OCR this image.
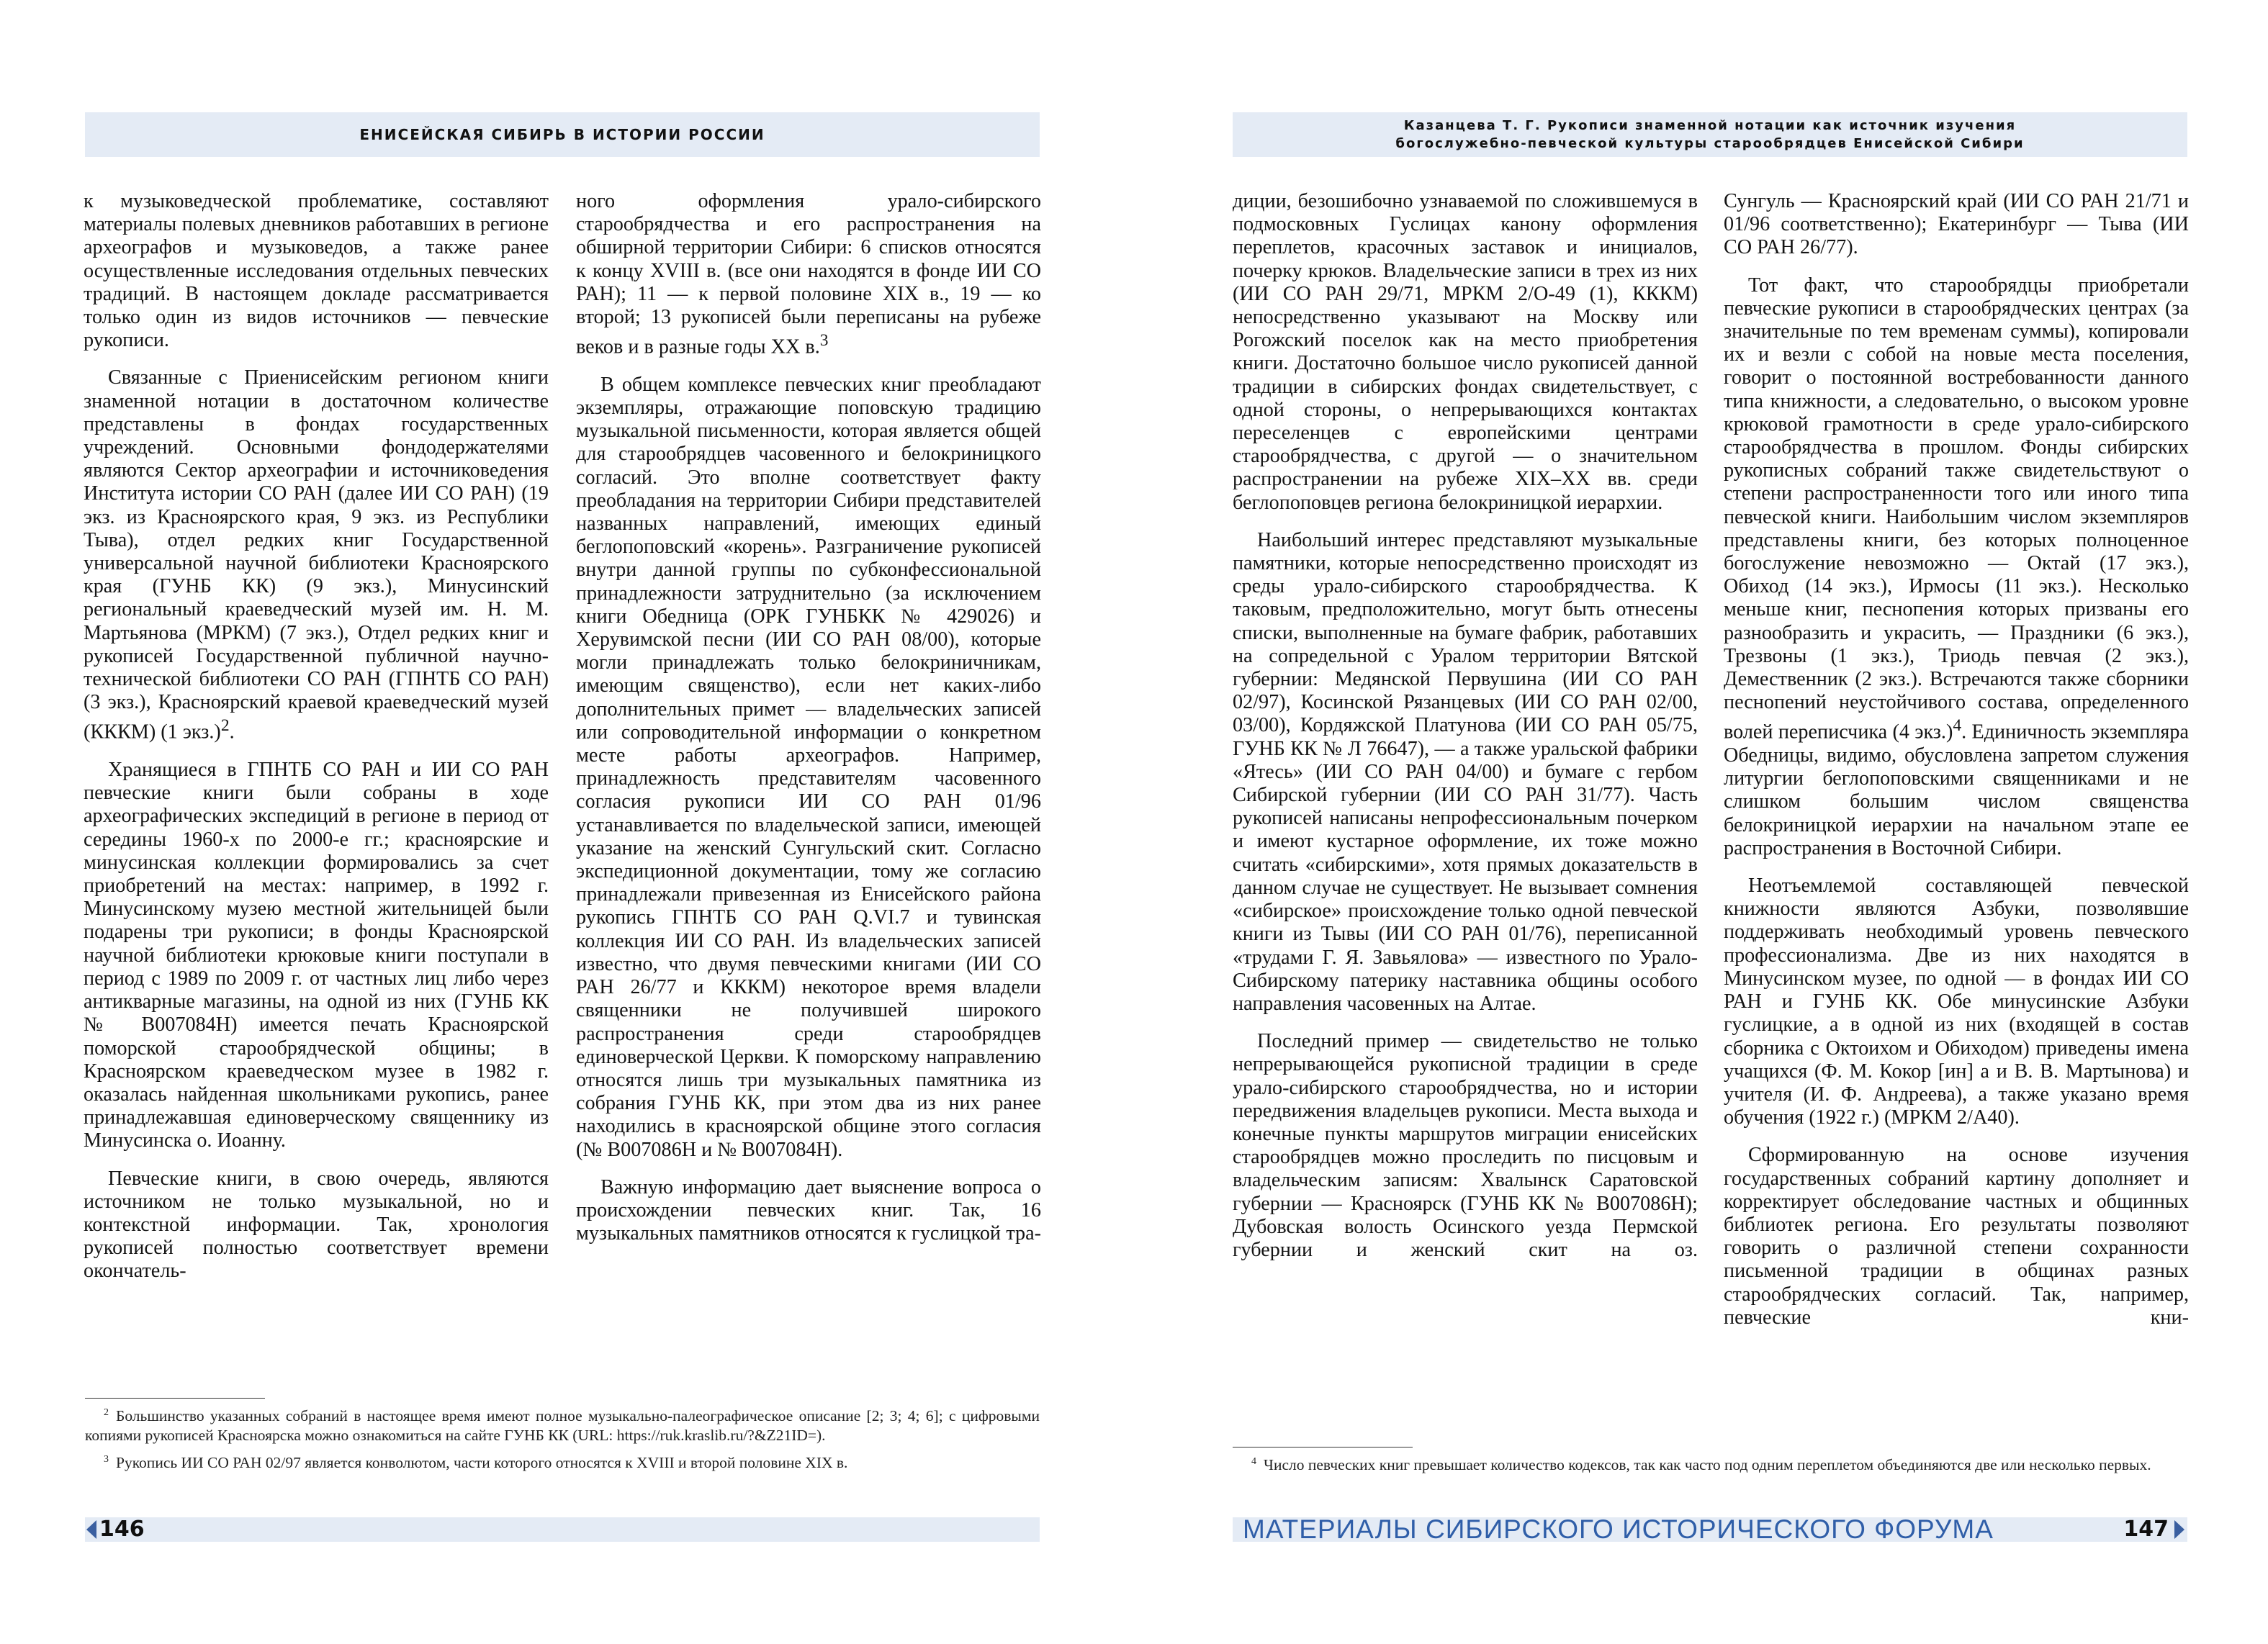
ЕНИСЕЙСКАЯ СИБИРЬ В ИСТОРИИ РОССИИ

к музыковедческой проблематике, составляют материалы полевых дневников работавших в регионе археографов и музыковедов, а также ранее осуществленные исследования отдельных певческих традиций. В настоящем докладе рассматривается только один из видов источников — певческие рукописи.

Связанные с Приенисейским регионом книги знаменной нотации в достаточном количестве представлены в фондах государственных учреждений. Основными фондодержателями являются Сектор археографии и источниковедения Института истории СО РАН (далее ИИ СО РАН) (19 экз. из Красноярского края, 9 экз. из Республики Тыва), отдел редких книг Государственной универсальной научной библиотеки Красноярского края (ГУНБ КК) (9 экз.), Минусинский региональный краеведческий музей им. Н. М. Мартьянова (МРКМ) (7 экз.), Отдел редких книг и рукописей Государственной публичной научно-технической библиотеки СО РАН (ГПНТБ СО РАН) (3 экз.), Красноярский краевой краеведческий музей (КККМ) (1 экз.)$^2$.

Хранящиеся в ГПНТБ СО РАН и ИИ СО РАН певческие книги были собраны в ходе археографических экспедиций в регионе в период от середины 1960-х по 2000-е гг.; красноярские и минусинская коллекции формировались за счет приобретений на местах: например, в 1992 г. Минусинскому музею местной жительницей были подарены три рукописи; в фонды Красноярской научной библиотеки крюковые книги поступали в период с 1989 по 2009 г. от частных лиц либо через антикварные магазины, на одной из них (ГУНБ КК № В007084Н) имеется печать Красноярской поморской старообрядческой общины; в Красноярском краеведческом музее в 1982 г. оказалась найденная школьниками рукопись, ранее принадлежавшая единоверческому священнику из Минусинска о. Иоанну.

Певческие книги, в свою очередь, являются источником не только музыкальной, но и контекстной информации. Так, хронология рукописей полностью соответствует времени окончатель-

ного оформления урало-сибирского старообрядчества и его распространения на обширной территории Сибири: 6 списков относятся к концу XVIII в. (все они находятся в фонде ИИ СО РАН); 11 — к первой половине XIX в., 19 — ко второй; 13 рукописей были переписаны на рубеже веков и в разные годы XX в.$^3$

В общем комплексе певческих книг преобладают экземпляры, отражающие поповскую традицию музыкальной письменности, которая является общей для старообрядцев часовенного и белокриницкого согласий. Это вполне соответствует факту преобладания на территории Сибири представителей названных направлений, имеющих единый беглопоповский «корень». Разграничение рукописей внутри данной группы по субконфессиональной принадлежности затруднительно (за исключением книги Обедница (ОРК ГУНБКК № 429026) и Херувимской песни (ИИ СО РАН 08/00), которые могли принадлежать только белокриничникам, имеющим священство), если нет каких-либо дополнительных примет — владельческих записей или сопроводительной информации о конкретном месте работы археографов. Например, принадлежность представителям часовенного согласия рукописи ИИ СО РАН 01/96 устанавливается по владельческой записи, имеющей указание на женский Сунгульский скит. Согласно экспедиционной документации, тому же согласию принадлежали привезенная из Енисейского района рукопись ГПНТБ СО РАН Q.VI.7 и тувинская коллекция ИИ СО РАН. Из владельческих записей известно, что двумя певческими книгами (ИИ СО РАН 26/77 и КККМ) некоторое время владели священники не получившей широкого распространения среди старообрядцев единоверческой Церкви. К поморскому направлению относятся лишь три музыкальных памятника из собрания ГУНБ КК, при этом два из них ранее находились в красноярской общине этого согласия (№ В007086Н и № В007084Н).

Важную информацию дает выяснение вопроса о происхождении певческих книг. Так, 16 музыкальных памятников относятся к гуслицкой тра-

$^2$ Большинство указанных собраний в настоящее время имеют полное музыкально-палеографическое описание [2; 3; 4; 6]; с цифровыми копиями рукописей Красноярска можно ознакомиться на сайте ГУНБ КК (URL: https://ruk.kraslib.ru/?&Z21ID=).

$^3$ Рукопись ИИ СО РАН 02/97 является конволютом, части которого относятся к XVIII и второй половине XIX в.

146
Казанцева Т. Г. Рукописи знаменной нотации как источник изучения
богослужебно-певческой культуры старообрядцев Енисейской Сибири

диции, безошибочно узнаваемой по сложившемуся в подмосковных Гуслицах канону оформления переплетов, красочных заставок и инициалов, почерку крюков. Владельческие записи в трех из них (ИИ СО РАН 29/71, МРКМ 2/О-49 (1), КККМ) непосредственно указывают на Москву или Рогожский поселок как на место приобретения книги. Достаточно большое число рукописей данной традиции в сибирских фондах свидетельствует, с одной стороны, о непрерывающихся контактах переселенцев с европейскими центрами старообрядчества, с другой — о значительном распространении на рубеже XIX–XX вв. среди беглопоповцев региона белокриницкой иерархии.

Наибольший интерес представляют музыкальные памятники, которые непосредственно происходят из среды урало-сибирского старообрядчества. К таковым, предположительно, могут быть отнесены списки, выполненные на бумаге фабрик, работавших на сопредельной с Уралом территории Вятской губернии: Медянской Первушина (ИИ СО РАН 02/97), Косинской Рязанцевых (ИИ СО РАН 02/00, 03/00), Кордяжской Платунова (ИИ СО РАН 05/75, ГУНБ КК № Л 76647), — а также уральской фабрики «Ятесь» (ИИ СО РАН 04/00) и бумаге с гербом Сибирской губернии (ИИ СО РАН 31/77). Часть рукописей написаны непрофессиональным почерком и имеют кустарное оформление, их тоже можно считать «сибирскими», хотя прямых доказательств в данном случае не существует. Не вызывает сомнения «сибирское» происхождение только одной певческой книги из Тывы (ИИ СО РАН 01/76), переписанной «трудами Г. Я. Завьялова» — известного по Урало-Сибирскому патерику наставника общины особого направления часовенных на Алтае.

Последний пример — свидетельство не только непрерывающейся рукописной традиции в среде урало-сибирского старообрядчества, но и истории передвижения владельцев рукописи. Места выхода и конечные пункты маршрутов миграции енисейских старообрядцев можно проследить по писцовым и владельческим записям: Хвалынск Саратовской губернии — Красноярск (ГУНБ КК № В007086Н); Дубовская волость Осинского уезда Пермской губернии и женский скит на оз.

Сунгуль — Красноярский край (ИИ СО РАН 21/71 и 01/96 соответственно); Екатеринбург — Тыва (ИИ СО РАН 26/77).

Тот факт, что старообрядцы приобретали певческие рукописи в старообрядческих центрах (за значительные по тем временам суммы), копировали их и везли с собой на новые места поселения, говорит о постоянной востребованности данного типа книжности, а следовательно, о высоком уровне крюковой грамотности в среде урало-сибирского старообрядчества в прошлом. Фонды сибирских рукописных собраний также свидетельствуют о степени распространенности того или иного типа певческой книги. Наибольшим числом экземпляров представлены книги, без которых полноценное богослужение невозможно — Октай (17 экз.), Обиход (14 экз.), Ирмосы (11 экз.). Несколько меньше книг, песнопения которых призваны его разнообразить и украсить, — Праздники (6 экз.), Трезвоны (1 экз.), Триодь певчая (2 экз.), Демественник (2 экз.). Встречаются также сборники песнопений неустойчивого состава, определенного волей переписчика (4 экз.)$^4$. Единичность экземпляра Обедницы, видимо, обусловлена запретом служения литургии беглопоповскими священниками и не слишком большим числом священства белокриницкой иерархии на начальном этапе ее распространения в Восточной Сибири.

Неотъемлемой составляющей певческой книжности являются Азбуки, позволявшие поддерживать необходимый уровень певческого профессионализма. Две из них находятся в Минусинском музее, по одной — в фондах ИИ СО РАН и ГУНБ КК. Обе минусинские Азбуки гуслицкие, а в одной из них (входящей в состав сборника с Октоихом и Обиходом) приведены имена учащихся (Ф. М. Кокор [ин] а и В. В. Мартынова) и учителя (И. Ф. Андреева), а также указано время обучения (1922 г.) (МРКМ 2/А40).

Сформированную на основе изучения государственных собраний картину дополняет и корректирует обследование частных и общинных библиотек региона. Его результаты позволяют говорить о различной степени сохранности письменной традиции в общинах разных старообрядческих согласий. Так, например, певческие кни-

$^4$ Число певческих книг превышает количество кодексов, так как часто под одним переплетом объединяются две или несколько первых.

МАТЕРИАЛЫ СИБИРСКОГО ИСТОРИЧЕСКОГО ФОРУМА	147
